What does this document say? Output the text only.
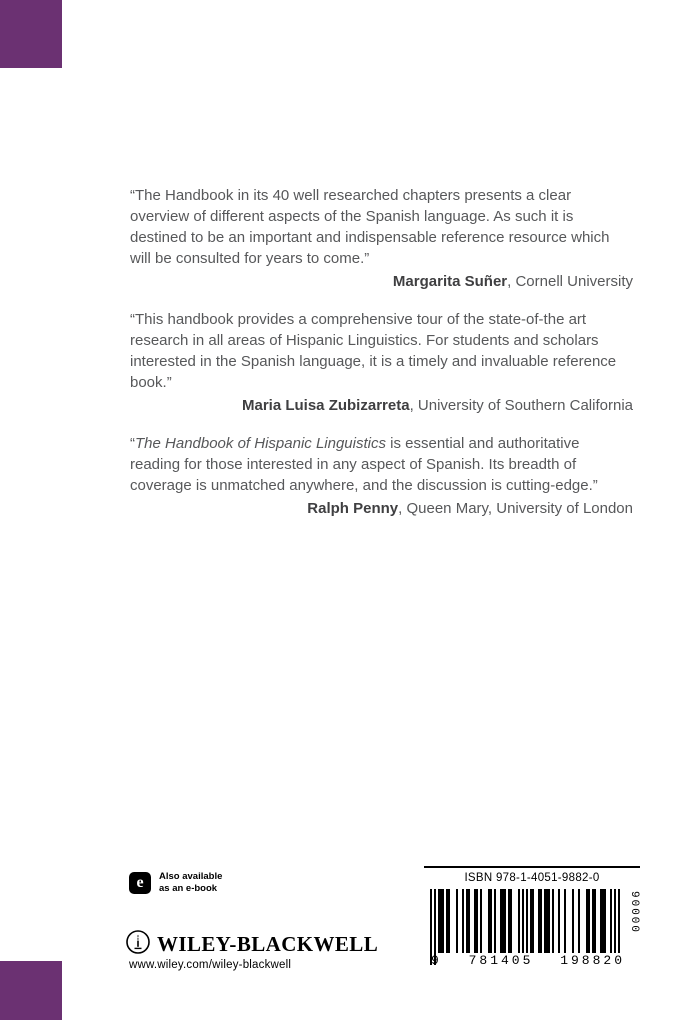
“The Handbook in its 40 well researched chapters presents a clear overview of different aspects of the Spanish language. As such it is destined to be an important and indispensable reference resource which will be consulted for years to come.”

Margarita Suñer, Cornell University

“This handbook provides a comprehensive tour of the state-of-the art research in all areas of Hispanic Linguistics. For students and scholars interested in the Spanish language, it is a timely and invaluable reference book.”

Maria Luisa Zubizarreta, University of Southern California

“The Handbook of Hispanic Linguistics is essential and authoritative reading for those interested in any aspect of Spanish. Its breadth of coverage is unmatched anywhere, and the discussion is cutting-edge.”

Ralph Penny, Queen Mary, University of London

e	Also available
as an e-book
WILEY-BLACKWELL
www.wiley.com/wiley-blackwell
ISBN 978-1-4051-9882-0
9 781405 198820
90000
